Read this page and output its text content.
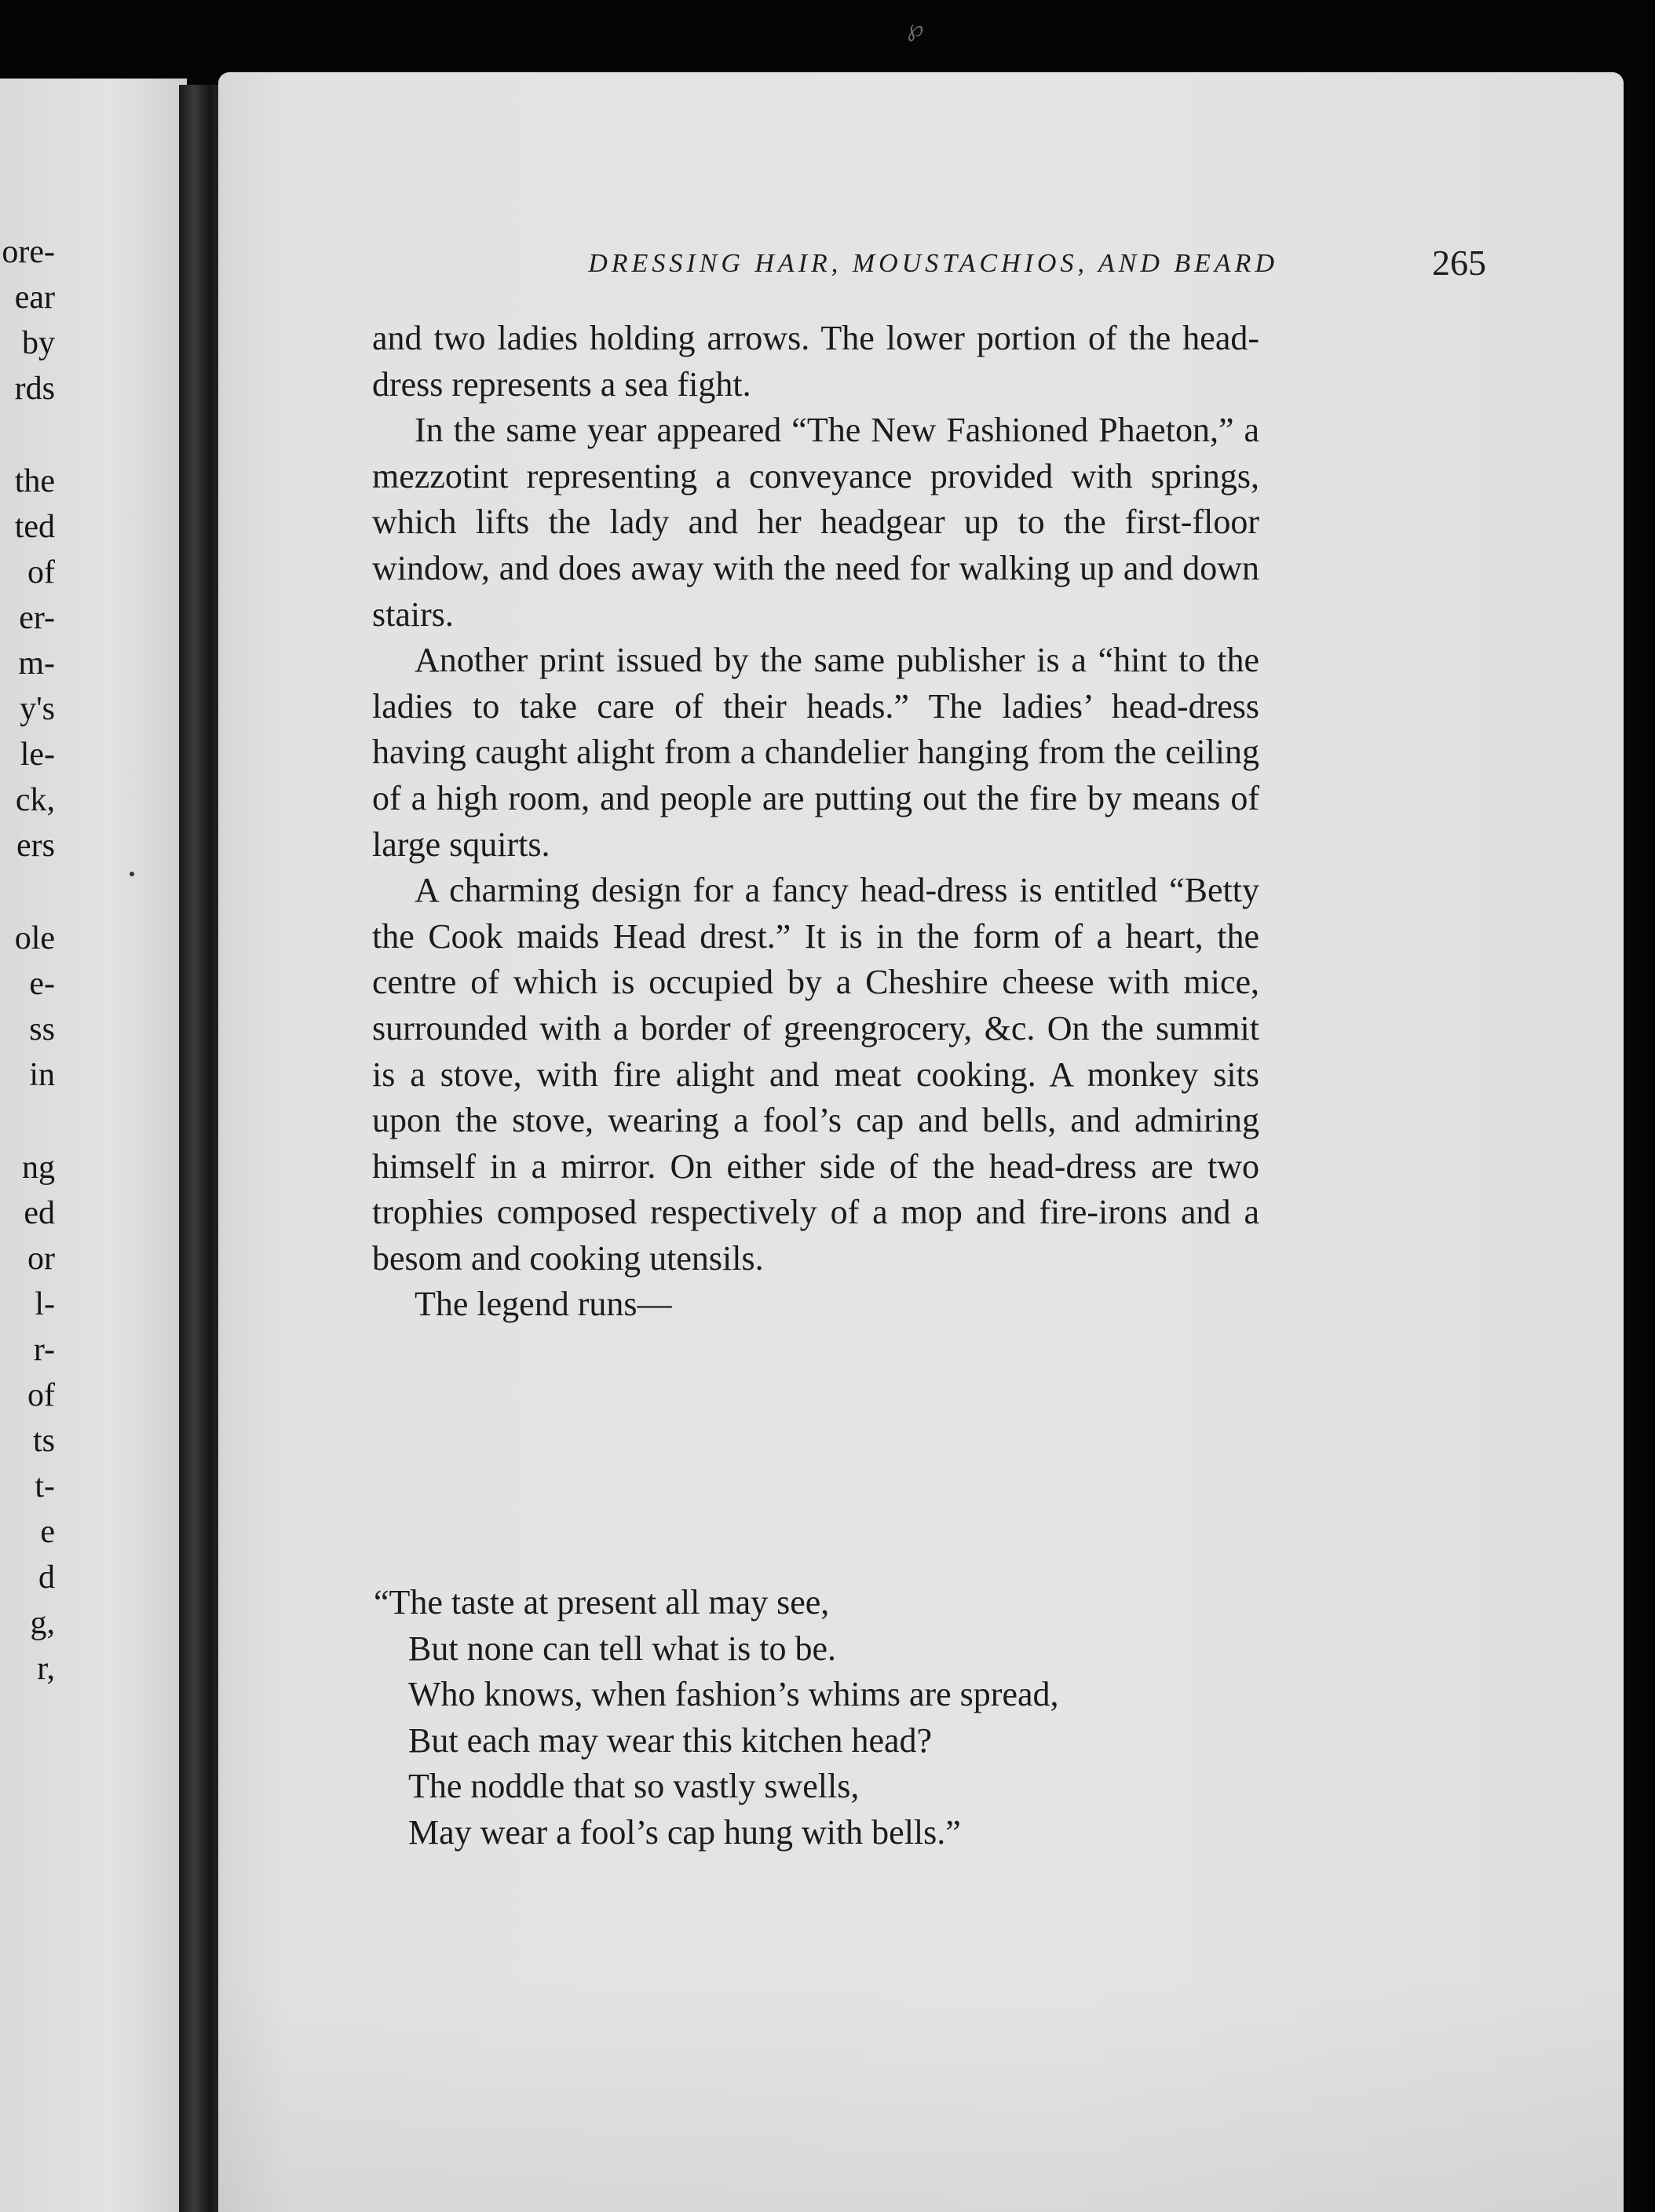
℘
ore-
ear
by
rds
the
ted
of
er-
m-
y's
le-
ck,
ers
ole
e-
ss
in
ng
ed
or
l-
r-
of
ts
t-
e
d
g,
r,
DRESSING HAIR, MOUSTACHIOS, AND BEARD	265

and two ladies holding arrows. The lower portion of the head-dress represents a sea fight.

In the same year appeared “The New Fashioned Phaeton,” a mezzotint representing a conveyance provided with springs, which lifts the lady and her headgear up to the first-floor window, and does away with the need for walking up and down stairs.

Another print issued by the same publisher is a “hint to the ladies to take care of their heads.” The ladies’ head-dress having caught alight from a chandelier hanging from the ceiling of a high room, and people are putting out the fire by means of large squirts.

A charming design for a fancy head-dress is entitled “Betty the Cook maids Head drest.” It is in the form of a heart, the centre of which is occupied by a Cheshire cheese with mice, surrounded with a border of greengrocery, &c. On the summit is a stove, with fire alight and meat cooking. A monkey sits upon the stove, wearing a fool’s cap and bells, and admiring himself in a mirror. On either side of the head-dress are two trophies composed respectively of a mop and fire-irons and a besom and cooking utensils.

The legend runs—

“The taste at present all may see,
But none can tell what is to be.
Who knows, when fashion’s whims are spread,
But each may wear this kitchen head?
The noddle that so vastly swells,
May wear a fool’s cap hung with bells.”
